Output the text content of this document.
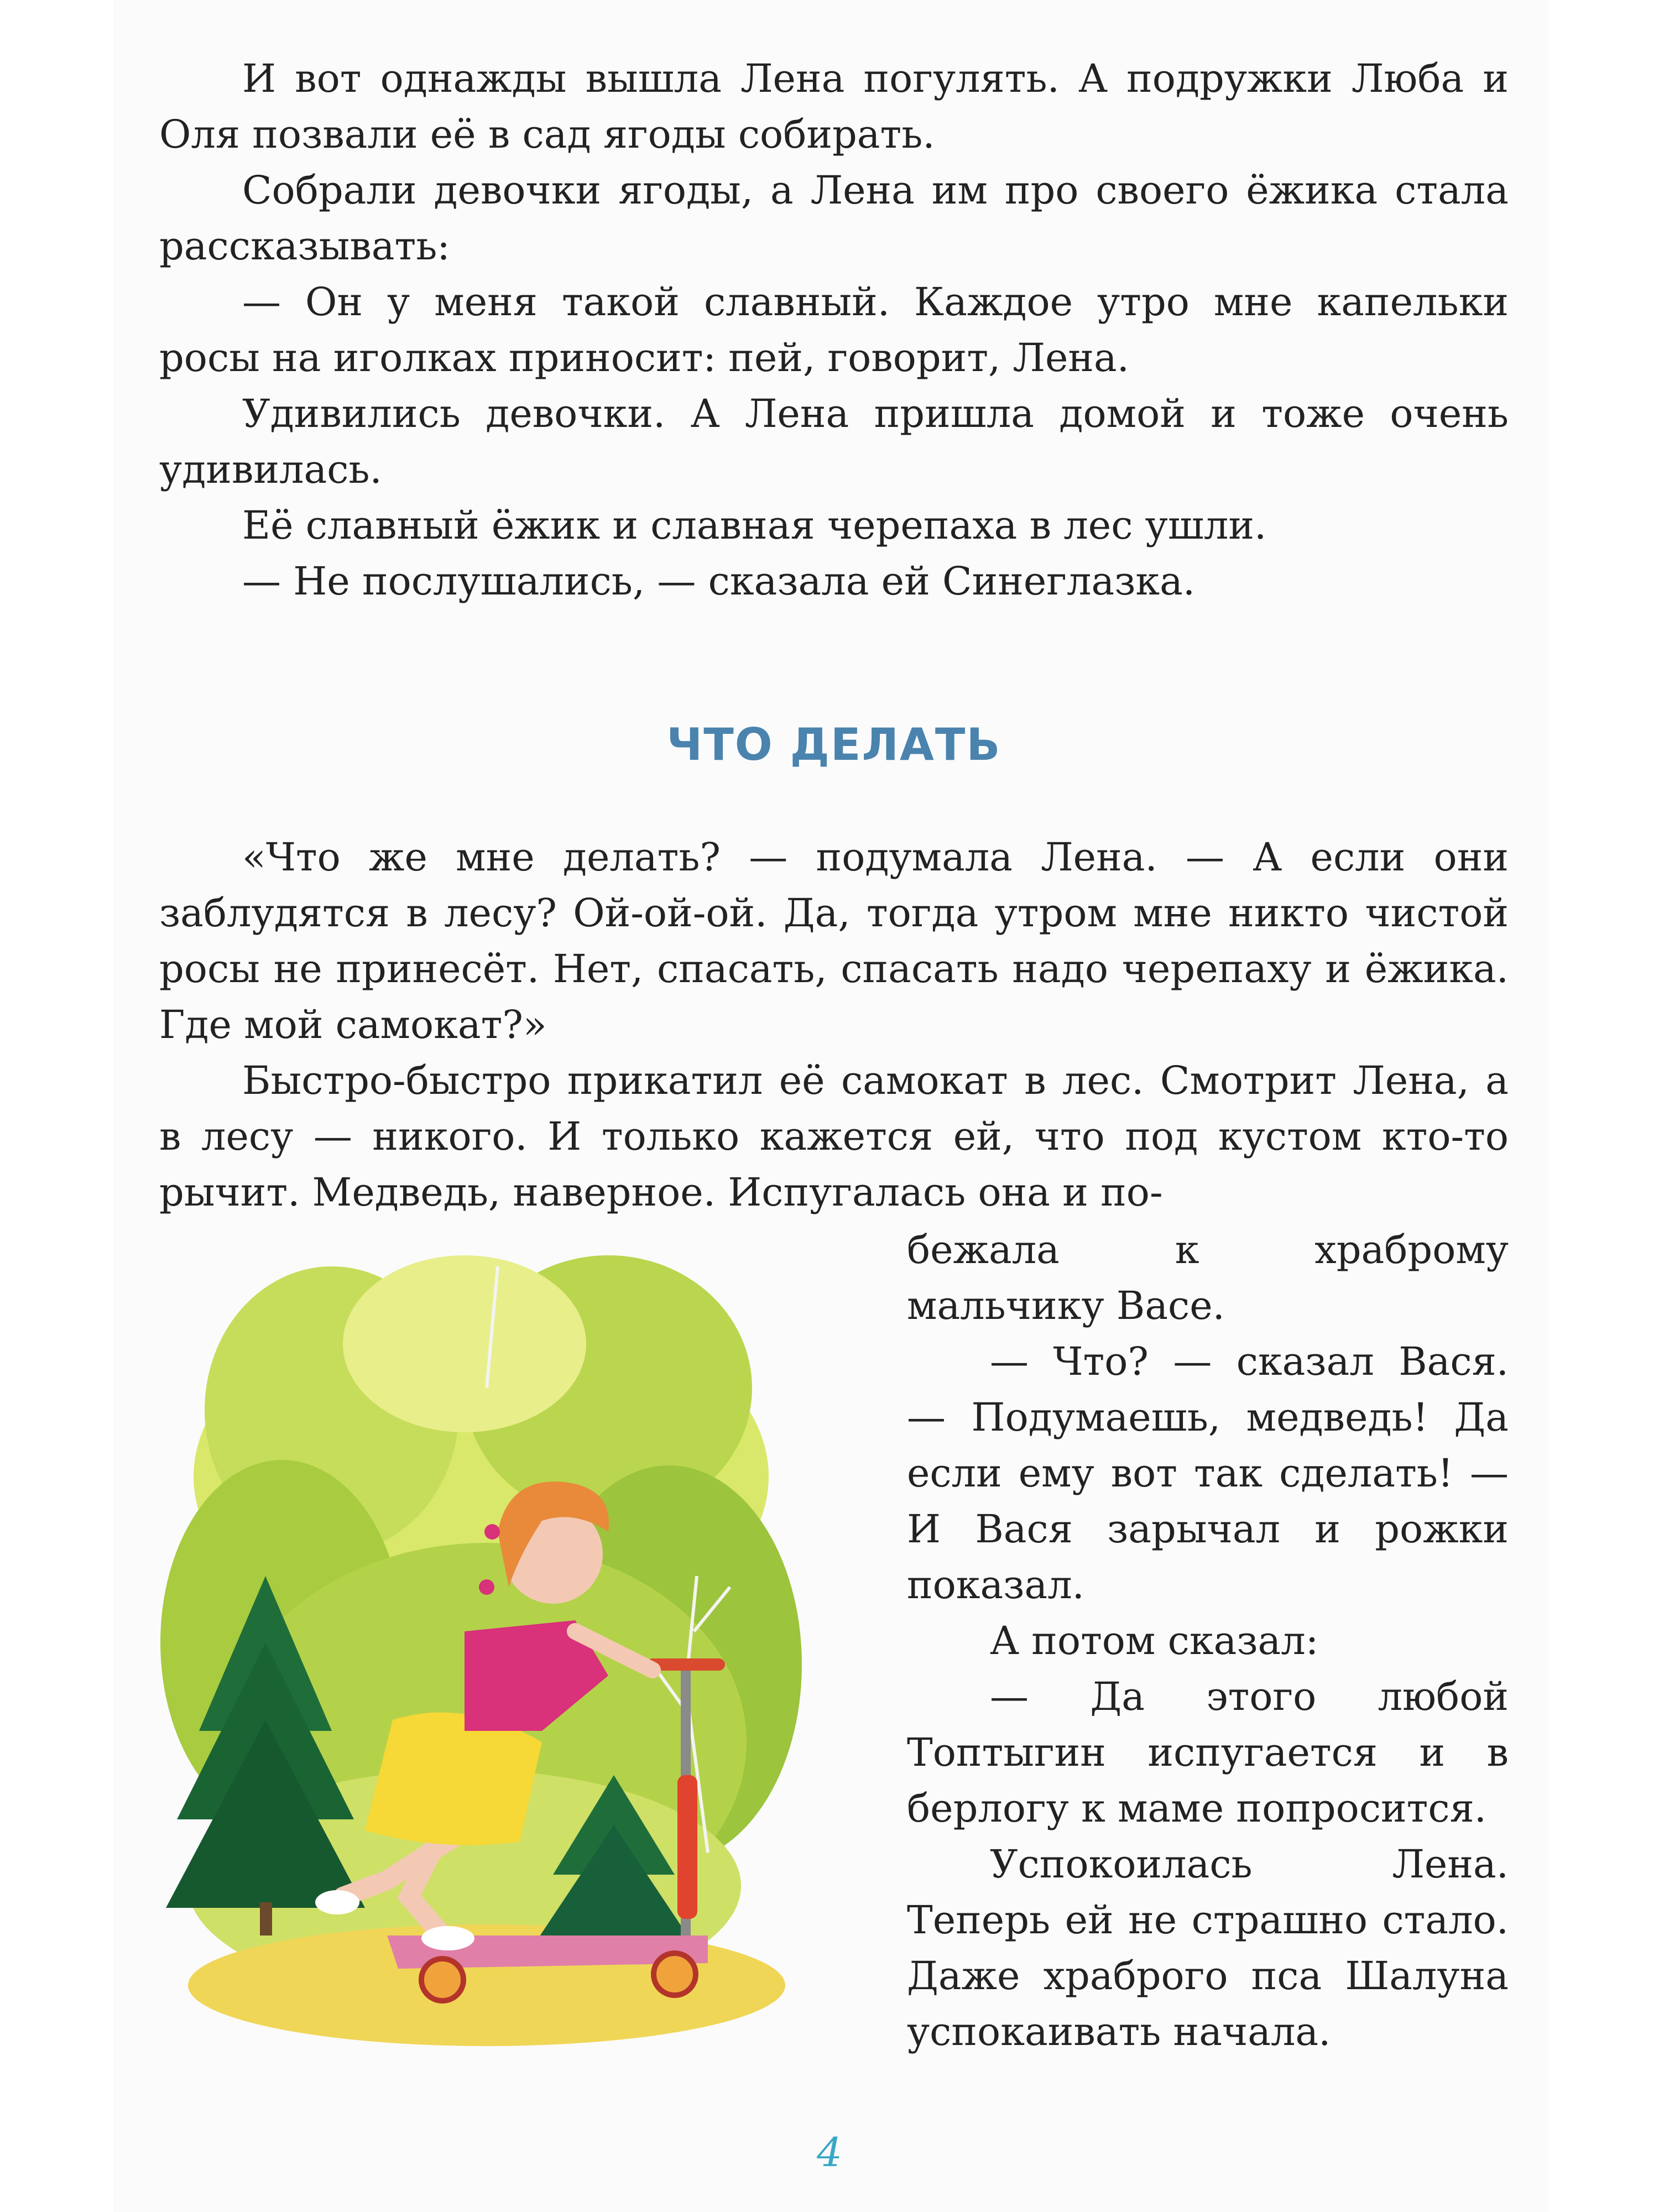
И вот однажды вышла Лена погулять. А подружки Люба и Оля позвали её в сад ягоды собирать.

Собрали девочки ягоды, а Лена им про своего ёжика стала рассказывать:

— Он у меня такой славный. Каждое утро мне капельки росы на иголках приносит: пей, говорит, Лена.

Удивились девочки. А Лена пришла домой и тоже очень удивилась.

Её славный ёжик и славная черепаха в лес ушли.

— Не послушались, — сказала ей Синеглазка.

ЧТО ДЕЛАТЬ

«Что же мне делать? — подумала Лена. — А если они заблудятся в лесу? Ой-ой-ой. Да, тогда утром мне никто чистой росы не принесёт. Нет, спасать, спасать надо черепаху и ёжика. Где мой самокат?»

Быстро-быстро прикатил её самокат в лес. Смотрит Лена, а в лесу — никого. И только кажется ей, что под кустом кто-то рычит. Медведь, наверное. Испугалась она и по-

бежала к храброму мальчику Васе.

— Что? — сказал Вася. — Подумаешь, медведь! Да если ему вот так сделать! — И Вася зарычал и рожки показал.

А потом сказал:

— Да этого любой Топтыгин испугается и в берлогу к маме попросится.

Успокоилась Лена. Теперь ей не страшно стало. Даже храброго пса Шалуна успокаивать начала.

4
